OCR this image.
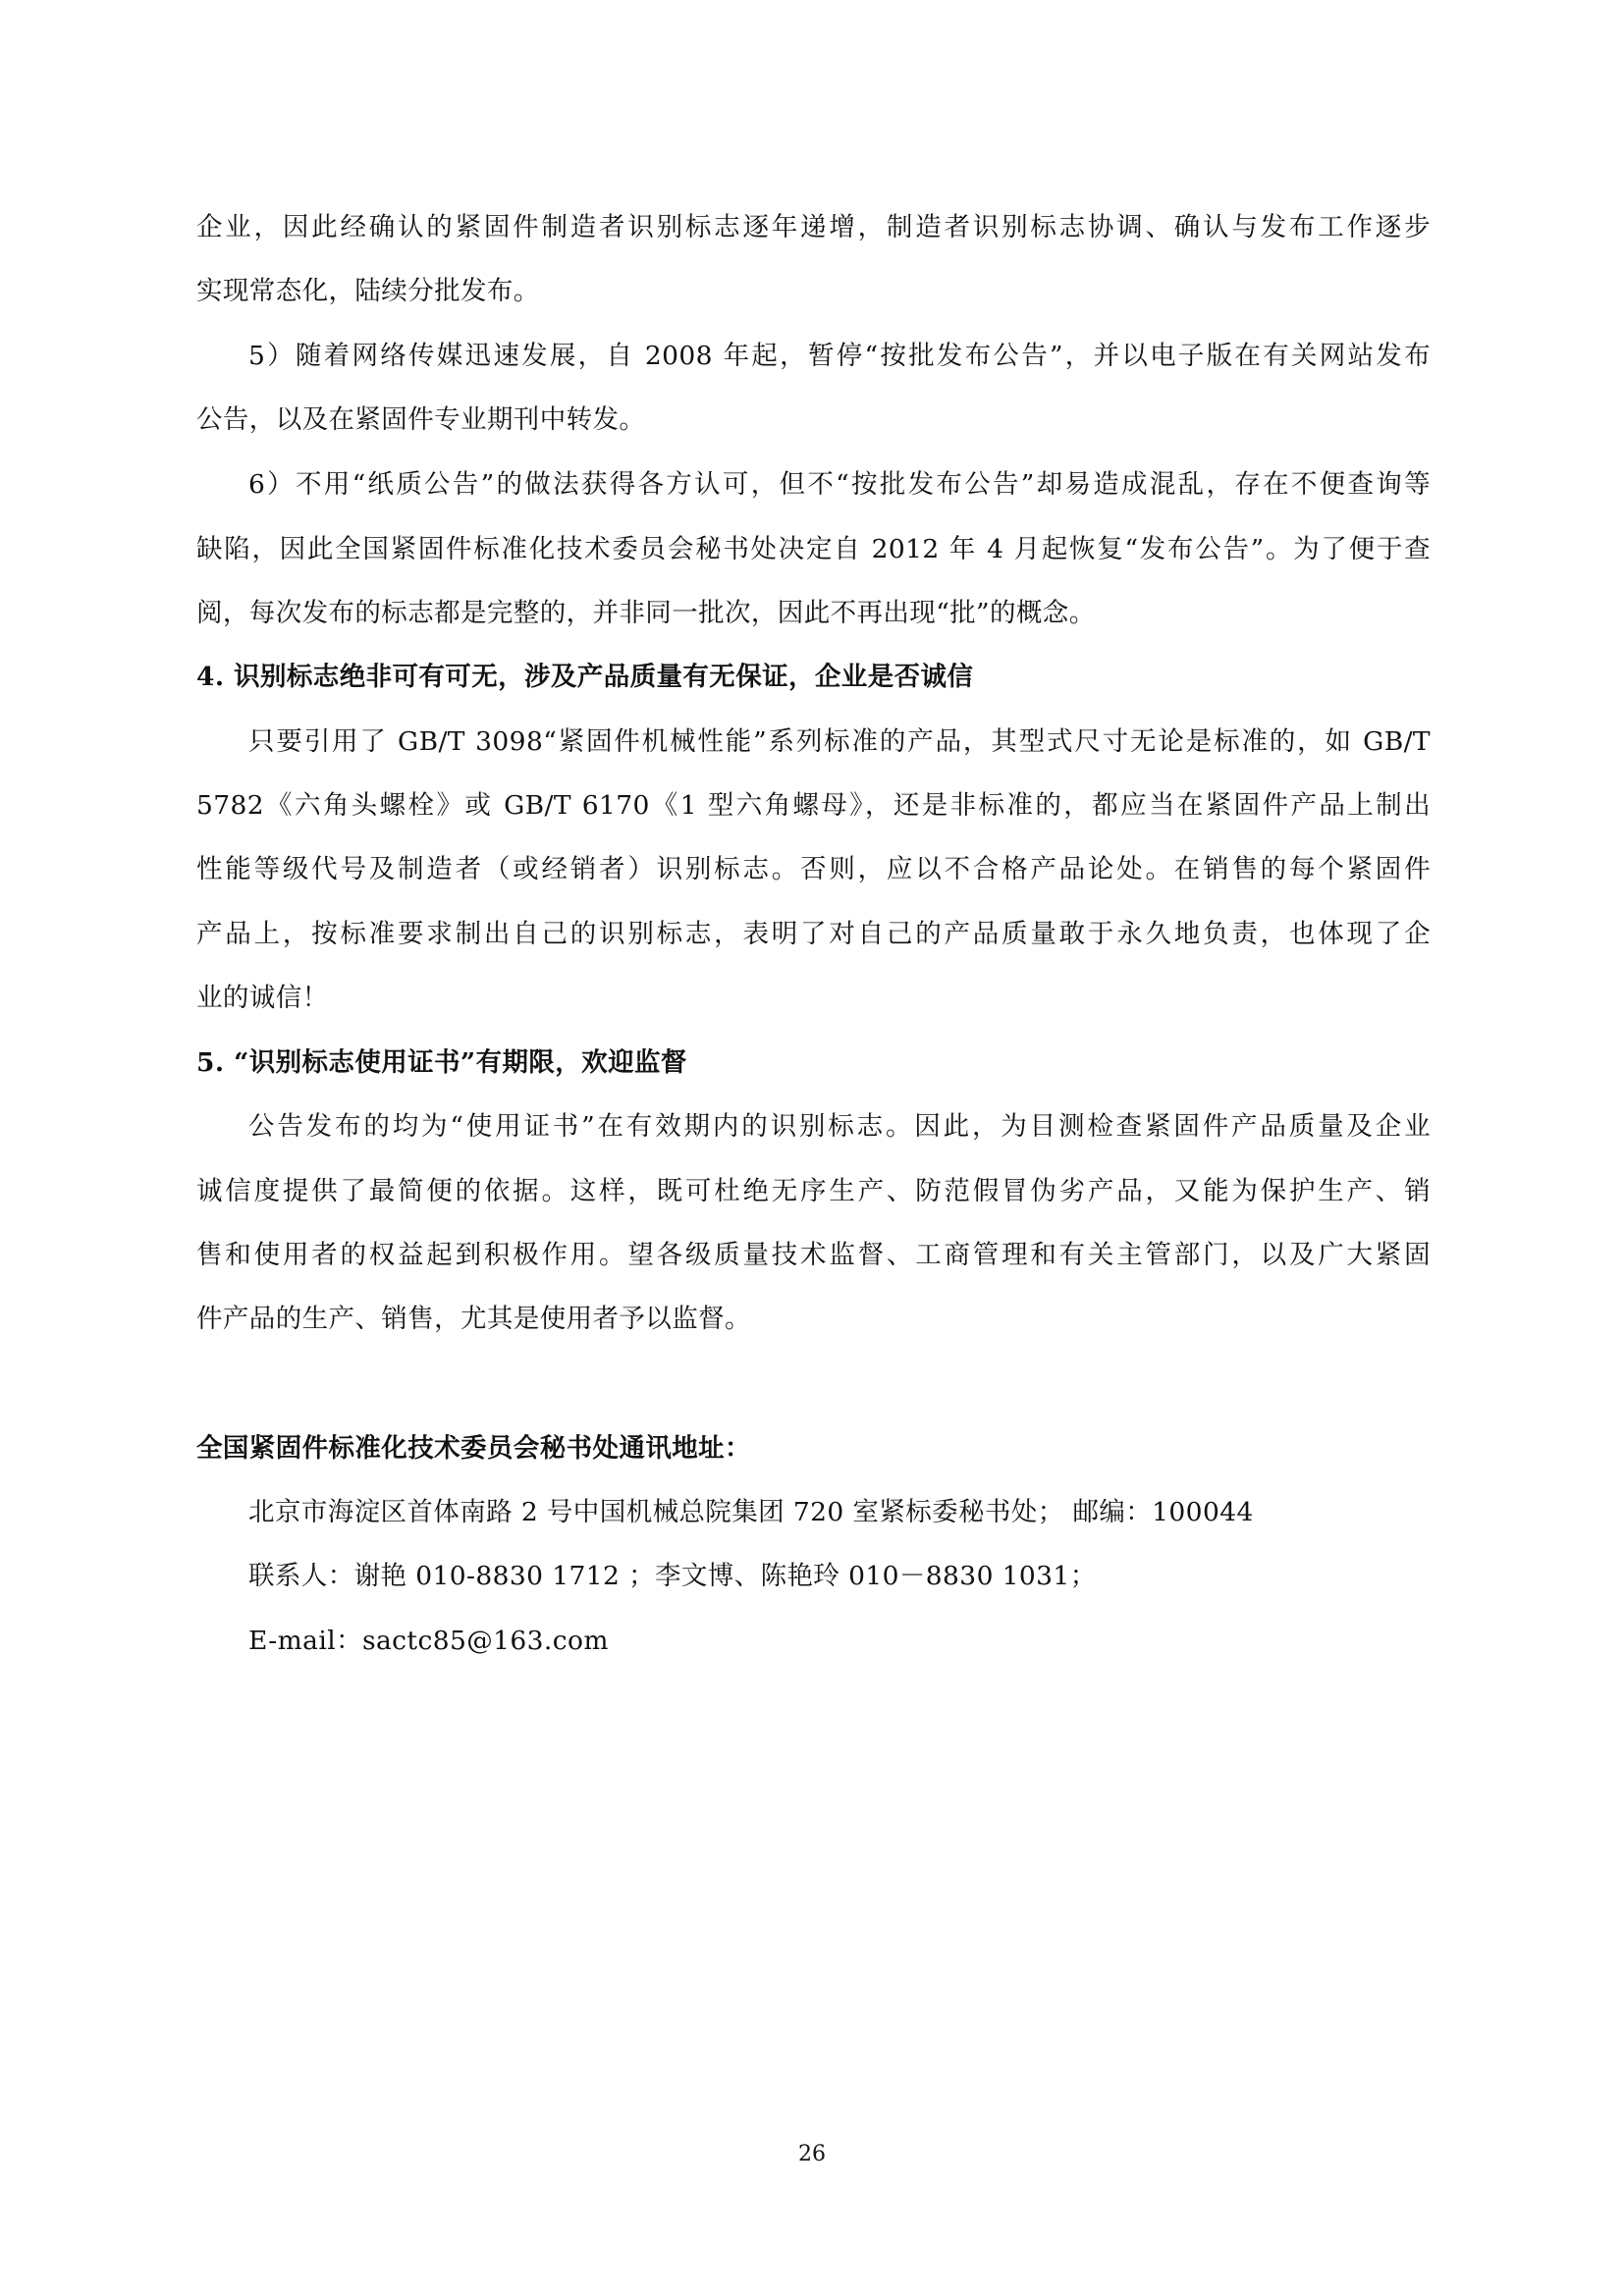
企业，因此经确认的紧固件制造者识别标志逐年递增，制造者识别标志协调、确认与发布工作逐步
实现常态化，陆续分批发布。
5）随着网络传媒迅速发展，自 2008 年起，暂停“按批发布公告”，并以电子版在有关网站发布
公告，以及在紧固件专业期刊中转发。
6）不用“纸质公告”的做法获得各方认可，但不“按批发布公告”却易造成混乱，存在不便查询等
缺陷，因此全国紧固件标准化技术委员会秘书处决定自 2012 年 4 月起恢复“发布公告”。为了便于查
阅，每次发布的标志都是完整的，并非同一批次，因此不再出现“批”的概念。
4. 识别标志绝非可有可无，涉及产品质量有无保证，企业是否诚信
只要引用了 GB/T 3098“紧固件机械性能”系列标准的产品，其型式尺寸无论是标准的，如 GB/T
5782《六角头螺栓》或 GB/T 6170《1 型六角螺母》，还是非标准的，都应当在紧固件产品上制出
性能等级代号及制造者（或经销者）识别标志。否则，应以不合格产品论处。在销售的每个紧固件
产品上，按标准要求制出自己的识别标志，表明了对自己的产品质量敢于永久地负责，也体现了企
业的诚信！
5. “识别标志使用证书”有期限，欢迎监督
公告发布的均为“使用证书”在有效期内的识别标志。因此，为目测检查紧固件产品质量及企业
诚信度提供了最简便的依据。这样，既可杜绝无序生产、防范假冒伪劣产品，又能为保护生产、销
售和使用者的权益起到积极作用。望各级质量技术监督、工商管理和有关主管部门，以及广大紧固
件产品的生产、销售，尤其是使用者予以监督。
全国紧固件标准化技术委员会秘书处通讯地址：
北京市海淀区首体南路 2 号中国机械总院集团 720 室紧标委秘书处； 邮编：100044
联系人：谢艳 010-8830 1712 ；李文博、陈艳玲 010－8830 1031；
E-mail：sactc85@163.com
26
